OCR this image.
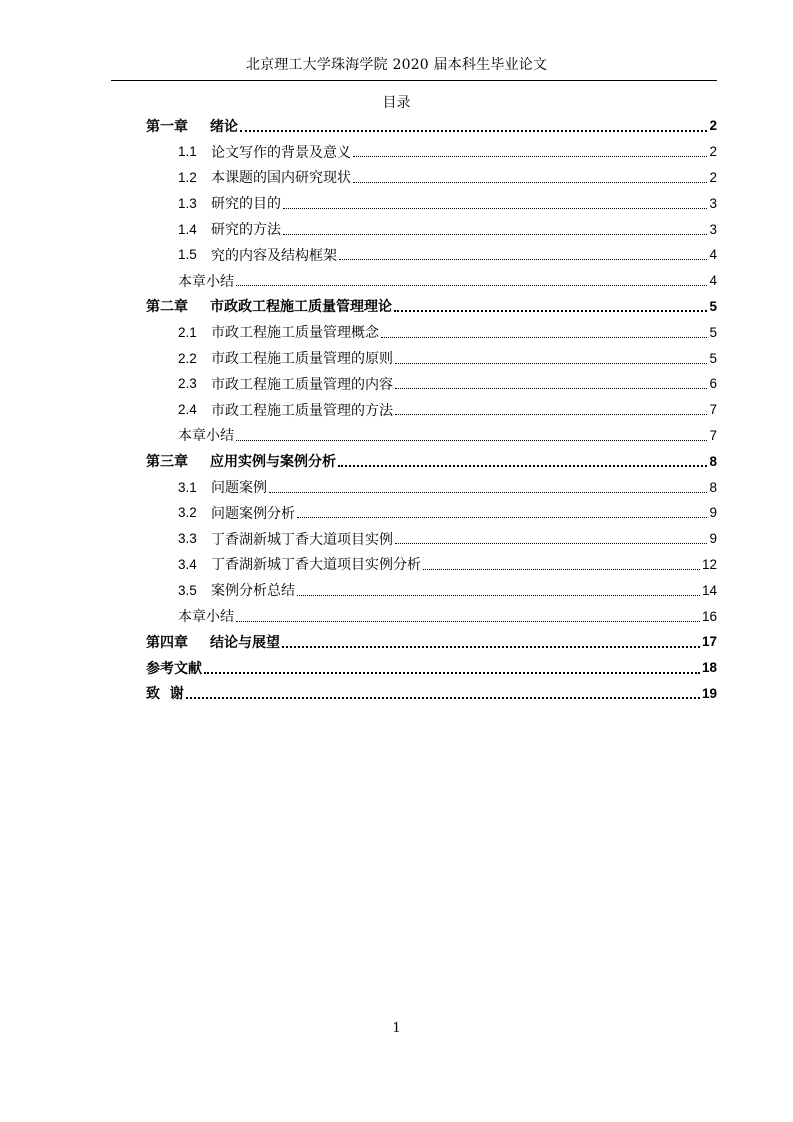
北京理工大学珠海学院 2020 届本科生毕业论文
目录
第一章	绪论	2
1.1	论文写作的背景及意义	2
1.2	本课题的国内研究现状	2
1.3	研究的目的	3
1.4	研究的方法	3
1.5	究的内容及结构框架	4
本章小结	4
第二章	市政政工程施工质量管理理论	5
2.1	市政工程施工质量管理概念	5
2.2	市政工程施工质量管理的原则	5
2.3	市政工程施工质量管理的内容	6
2.4	市政工程施工质量管理的方法	7
本章小结	7
第三章	应用实例与案例分析	8
3.1	问题案例	8
3.2	问题案例分析	9
3.3	丁香湖新城丁香大道项目实例	9
3.4	丁香湖新城丁香大道项目实例分析	12
3.5	案例分析总结	14
本章小结	16
第四章	结论与展望	17
参考文献	18
致  谢	19
1
